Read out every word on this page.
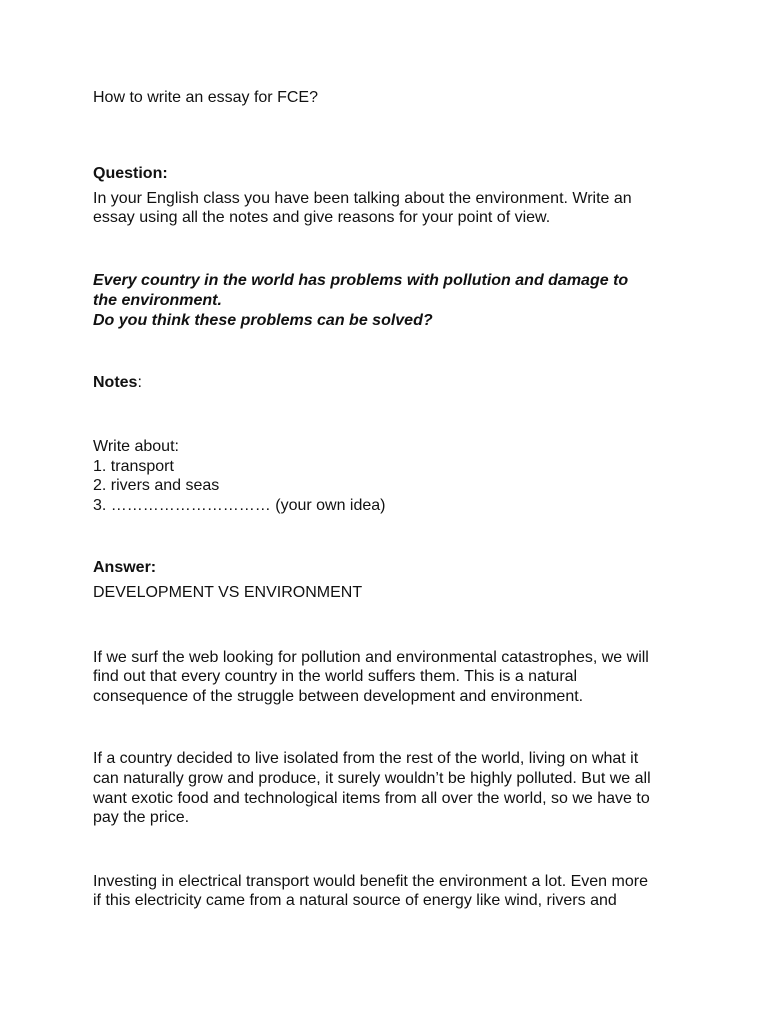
How to write an essay for FCE?
Question:
In your English class you have been talking about the environment. Write an
essay using all the notes and give reasons for your point of view.
Every country in the world has problems with pollution and damage to
the environment.
Do you think these problems can be solved?
Notes:
Write about:
1. transport
2. rivers and seas
3. ………………………… (your own idea)
Answer:
DEVELOPMENT VS ENVIRONMENT
If we surf the web looking for pollution and environmental catastrophes, we will
find out that every country in the world suffers them. This is a natural
consequence of the struggle between development and environment.
If a country decided to live isolated from the rest of the world, living on what it
can naturally grow and produce, it surely wouldn’t be highly polluted. But we all
want exotic food and technological items from all over the world, so we have to
pay the price.
Investing in electrical transport would benefit the environment a lot. Even more
if this electricity came from a natural source of energy like wind, rivers and
